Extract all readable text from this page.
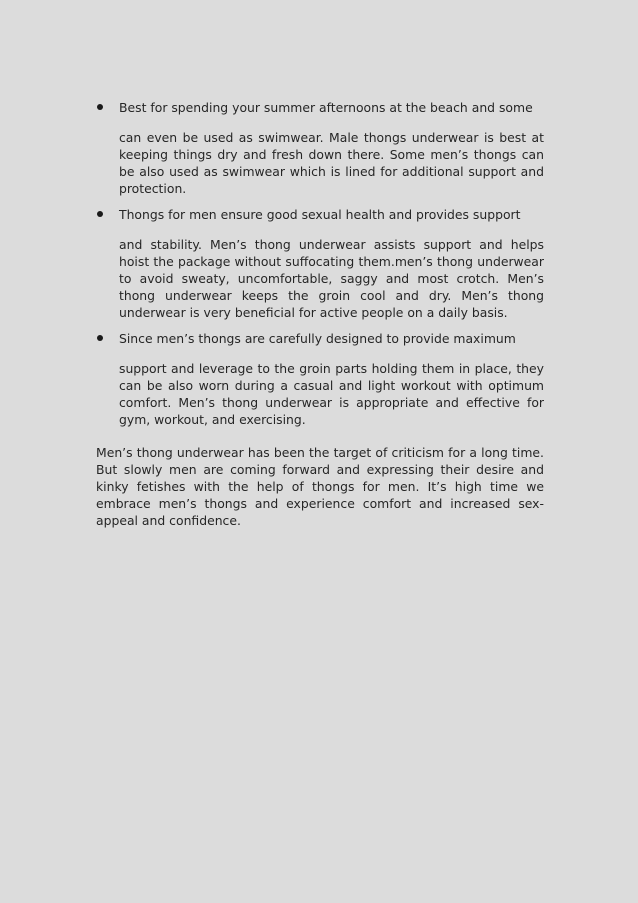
Best for spending your summer afternoons at the beach and some
can even be used as swimwear. Male thongs underwear is best at keeping things dry and fresh down there. Some men’s thongs can be also used as swimwear which is lined for additional support and protection.
Thongs for men ensure good sexual health and provides support
and stability. Men’s thong underwear assists support and helps hoist the package without suffocating them.men’s thong underwear to avoid sweaty, uncomfortable, saggy and most crotch. Men’s thong underwear keeps the groin cool and dry. Men’s thong underwear is very beneficial for active people on a daily basis.
Since men’s thongs are carefully designed to provide maximum
support and leverage to the groin parts holding them in place, they can be also worn during a casual and light workout with optimum comfort. Men’s thong underwear is appropriate and effective for gym, workout, and exercising.

Men’s thong underwear has been the target of criticism for a long time. But slowly men are coming forward and expressing their desire and kinky fetishes with the help of thongs for men. It’s high time we embrace men’s thongs and experience comfort and increased sex-appeal and confidence.
